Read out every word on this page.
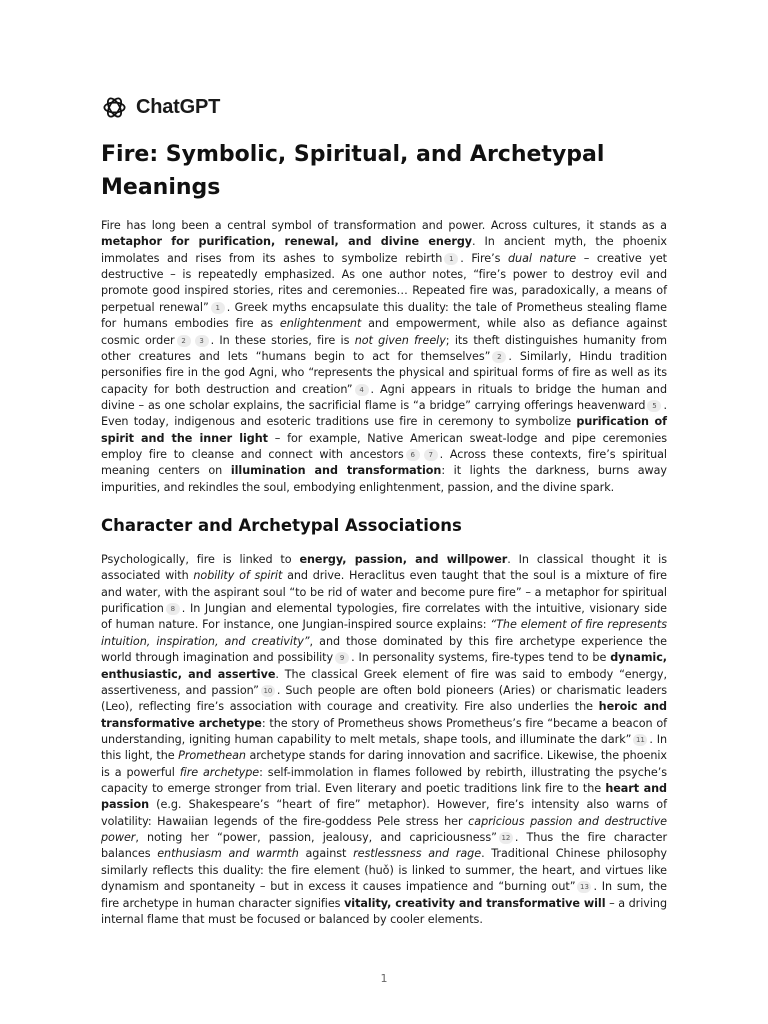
ChatGPT
Fire: Symbolic, Spiritual, and Archetypal Meanings

Fire has long been a central symbol of transformation and power. Across cultures, it stands as a metaphor for purification, renewal, and divine energy. In ancient myth, the phoenix immolates and rises from its ashes to symbolize rebirth 1 . Fire’s dual nature – creative yet destructive – is repeatedly emphasized. As one author notes, “fire’s power to destroy evil and promote good inspired stories, rites and ceremonies… Repeated fire was, paradoxically, a means of perpetual renewal” 1 . Greek myths encapsulate this duality: the tale of Prometheus stealing flame for humans embodies fire as enlightenment and empowerment, while also as defiance against cosmic order 2 3 . In these stories, fire is not given freely; its theft distinguishes humanity from other creatures and lets “humans begin to act for themselves” 2 . Similarly, Hindu tradition personifies fire in the god Agni, who “represents the physical and spiritual forms of fire as well as its capacity for both destruction and creation” 4 . Agni appears in rituals to bridge the human and divine – as one scholar explains, the sacrificial flame is “a bridge” carrying offerings heavenward 5 . Even today, indigenous and esoteric traditions use fire in ceremony to symbolize purification of spirit and the inner light – for example, Native American sweat-lodge and pipe ceremonies employ fire to cleanse and connect with ancestors 6 7 . Across these contexts, fire’s spiritual meaning centers on illumination and transformation: it lights the darkness, burns away impurities, and rekindles the soul, embodying enlightenment, passion, and the divine spark.

Character and Archetypal Associations

Psychologically, fire is linked to energy, passion, and willpower. In classical thought it is associated with nobility of spirit and drive. Heraclitus even taught that the soul is a mixture of fire and water, with the aspirant soul “to be rid of water and become pure fire” – a metaphor for spiritual purification 8 . In Jungian and elemental typologies, fire correlates with the intuitive, visionary side of human nature. For instance, one Jungian-inspired source explains: “The element of fire represents intuition, inspiration, and creativity”, and those dominated by this fire archetype experience the world through imagination and possibility 9 . In personality systems, fire-types tend to be dynamic, enthusiastic, and assertive. The classical Greek element of fire was said to embody “energy, assertiveness, and passion” 10 . Such people are often bold pioneers (Aries) or charismatic leaders (Leo), reflecting fire’s association with courage and creativity. Fire also underlies the heroic and transformative archetype: the story of Prometheus shows Prometheus’s fire “became a beacon of understanding, igniting human capability to melt metals, shape tools, and illuminate the dark” 11 . In this light, the Promethean archetype stands for daring innovation and sacrifice. Likewise, the phoenix is a powerful fire archetype: self-immolation in flames followed by rebirth, illustrating the psyche’s capacity to emerge stronger from trial. Even literary and poetic traditions link fire to the heart and passion (e.g. Shakespeare’s “heart of fire” metaphor). However, fire’s intensity also warns of volatility: Hawaiian legends of the fire-goddess Pele stress her capricious passion and destructive power, noting her “power, passion, jealousy, and capriciousness” 12 . Thus the fire character balances enthusiasm and warmth against restlessness and rage. Traditional Chinese philosophy similarly reflects this duality: the fire element (huǒ) is linked to summer, the heart, and virtues like dynamism and spontaneity – but in excess it causes impatience and “burning out” 13 . In sum, the fire archetype in human character signifies vitality, creativity and transformative will – a driving internal flame that must be focused or balanced by cooler elements.

1
